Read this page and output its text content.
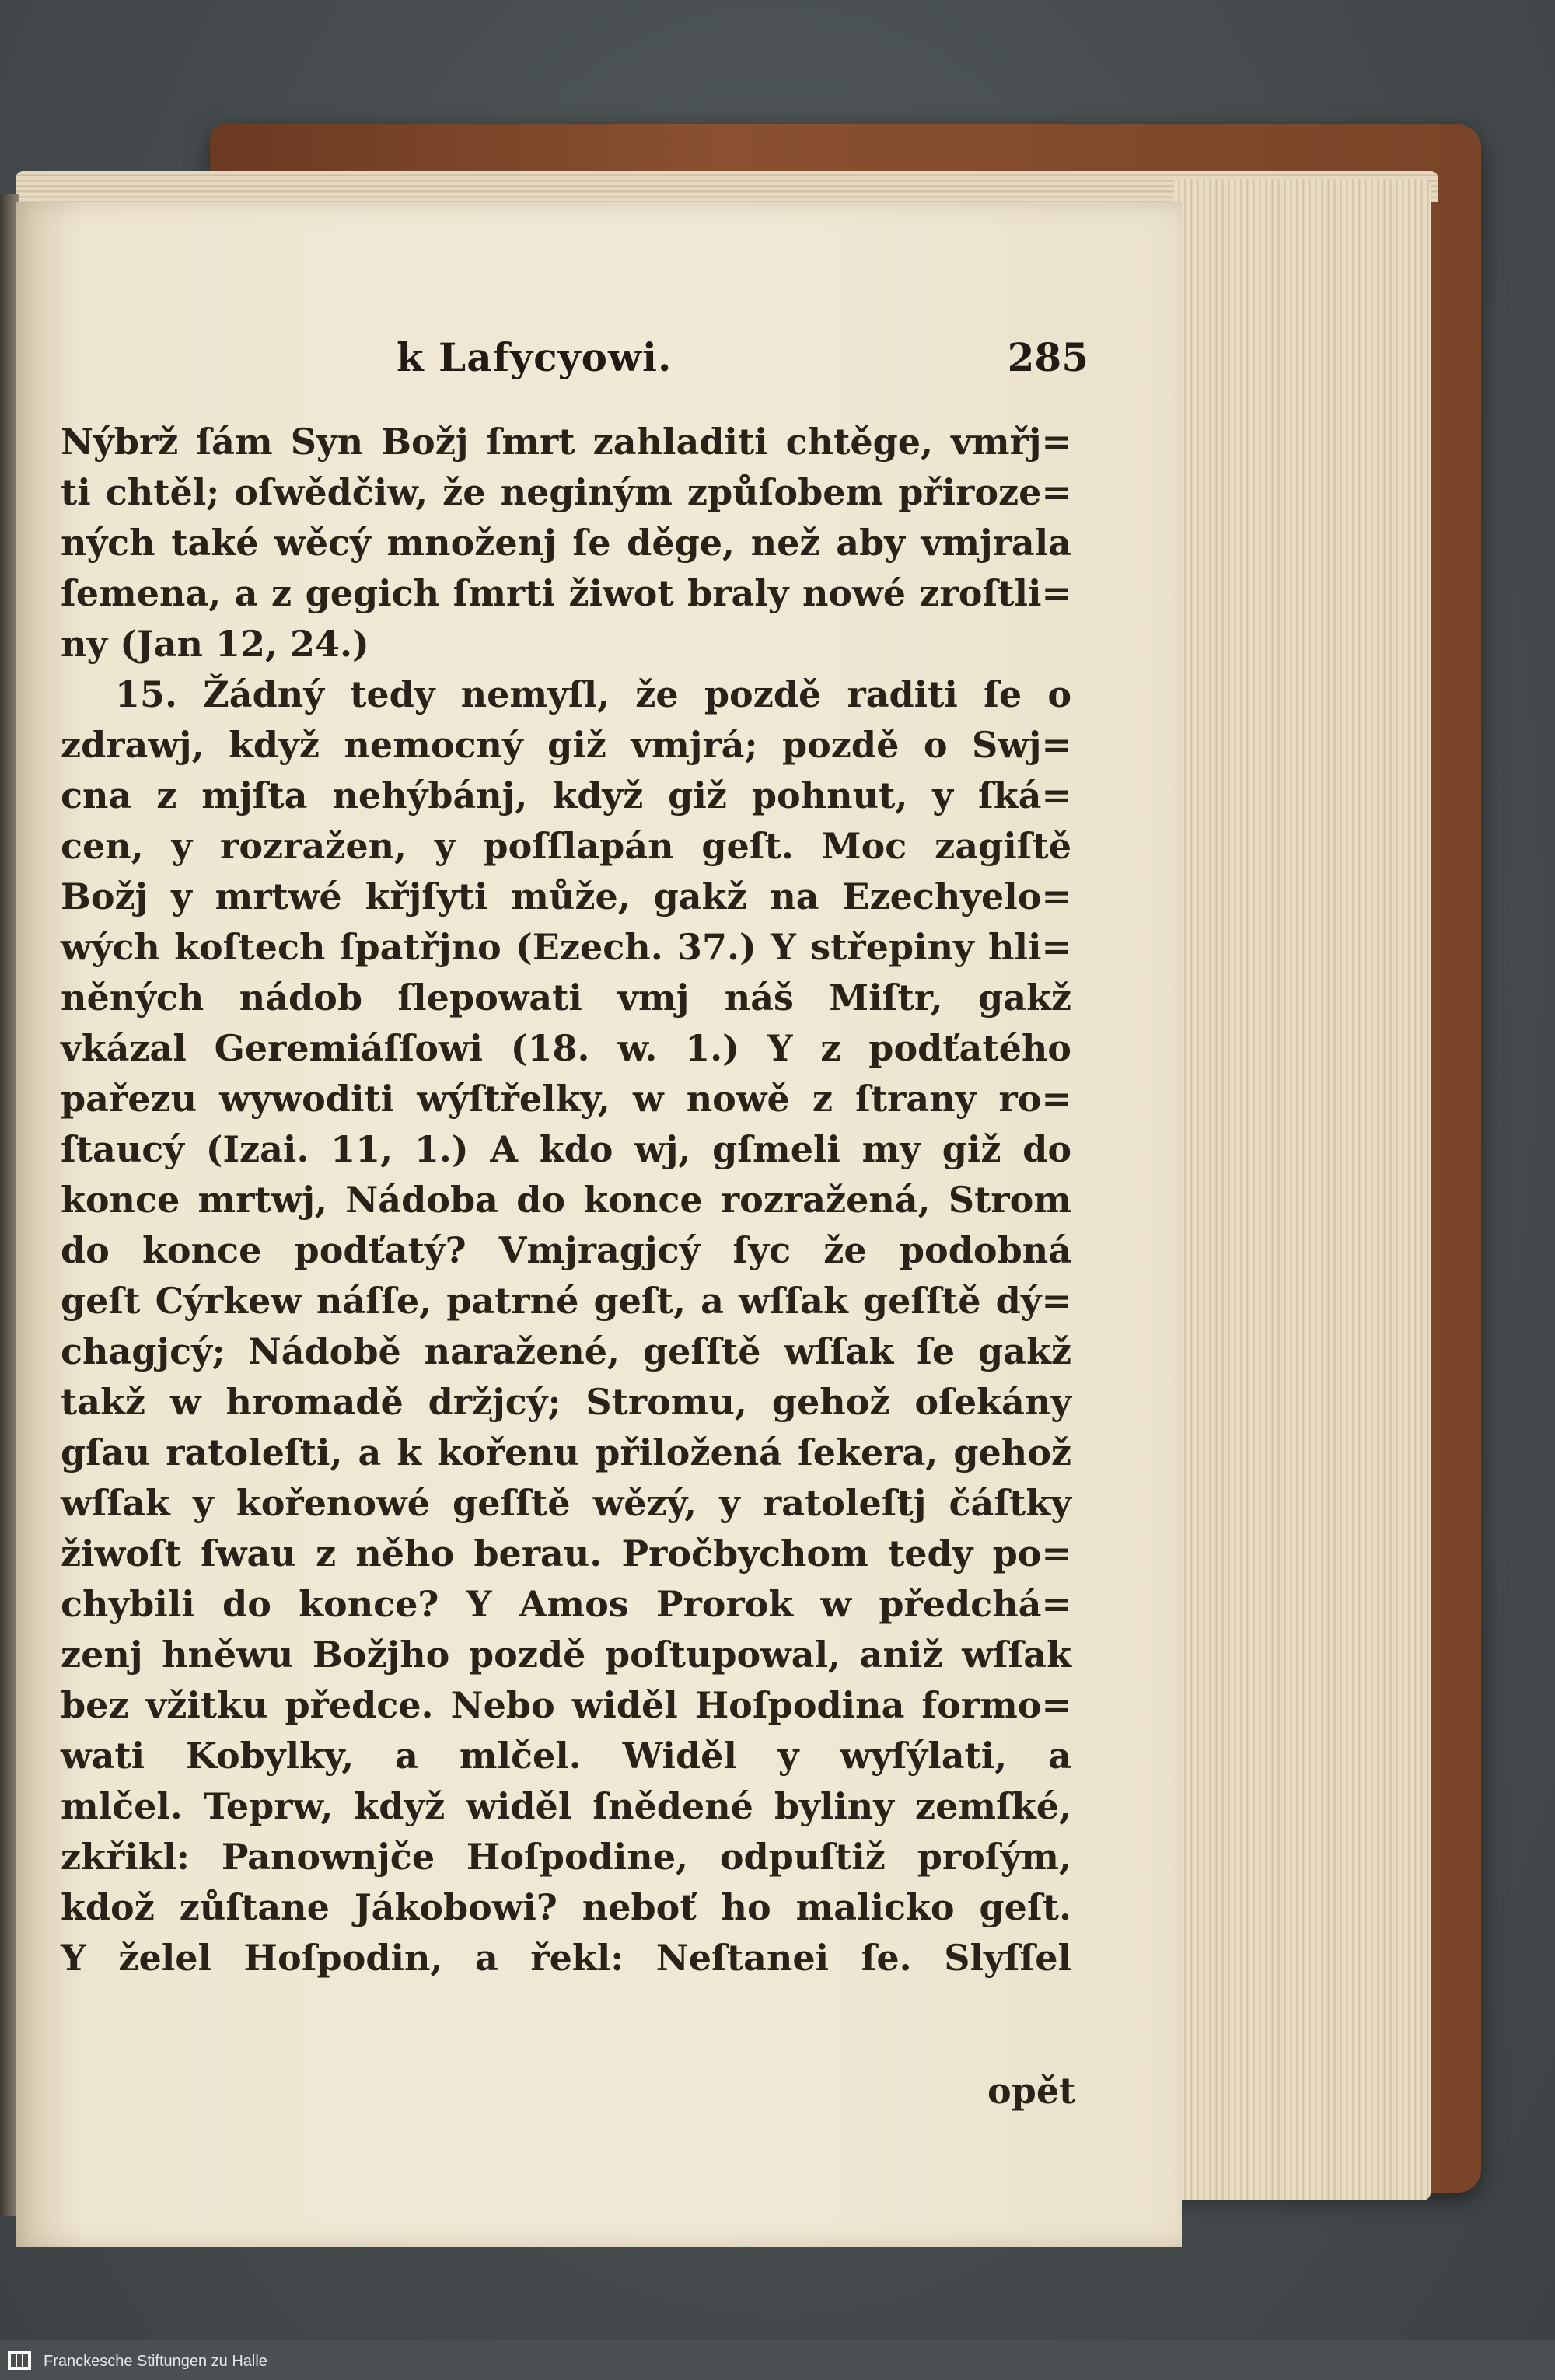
k Lafycyowi.	285
Nýbrž ſám Syn Božj ſmrt zahladiti chtěge, vmřj=
ti chtěl; oſwědčiw, že neginým způſobem přiroze=
ných také wěcý množenj ſe děge, než aby vmjrala
ſemena, a z gegich ſmrti žiwot braly nowé zroſtli=
ny (Jan 12, 24.)
15. Žádný tedy nemyſl, že pozdě raditi ſe o
zdrawj, když nemocný giž vmjrá; pozdě o Swj=
cna z mjſta nehýbánj, když giž pohnut, y ſká=
cen, y rozražen, y poſſlapán geſt. Moc zagiſtě
Božj y mrtwé křjſyti může, gakž na Ezechyelo=
wých koſtech ſpatřjno (Ezech. 37.) Y střepiny hli=
něných nádob ſlepowati vmj náš Miſtr, gakž
vkázal Geremiáſſowi (18. w. 1.) Y z podťatého
pařezu wywoditi wýſtřelky, w nowě z ſtrany ro=
ſtaucý (Izai. 11, 1.) A kdo wj, gſmeli my giž do
konce mrtwj, Nádoba do konce rozražená, Strom
do konce podťatý? Vmjragjcý ſyc že podobná
geſt Cýrkew náſſe, patrné geſt, a wſſak geſſtě dý=
chagjcý; Nádobě naražené, geſſtě wſſak ſe gakž
takž w hromadě držjcý; Stromu, gehož oſekány
gſau ratoleſti, a k kořenu přiložená ſekera, gehož
wſſak y kořenowé geſſtě wězý, y ratoleſtj čáſtky
žiwoſt ſwau z něho berau. Pročbychom tedy po=
chybili do konce? Y Amos Prorok w předchá=
zenj hněwu Božjho pozdě poſtupowal, aniž wſſak
bez vžitku předce. Nebo widěl Hoſpodina formo=
wati Kobylky, a mlčel. Widěl y wyſýlati, a
mlčel. Teprw, když widěl ſnědené byliny zemſké,
zkřikl: Panownjče Hoſpodine, odpuſtiž proſým,
kdož zůſtane Jákobowi? neboť ho malicko geſt.
Y želel Hoſpodin, a řekl: Neſtanei ſe. Slyſſel
opět
Franckesche Stiftungen zu Halle
